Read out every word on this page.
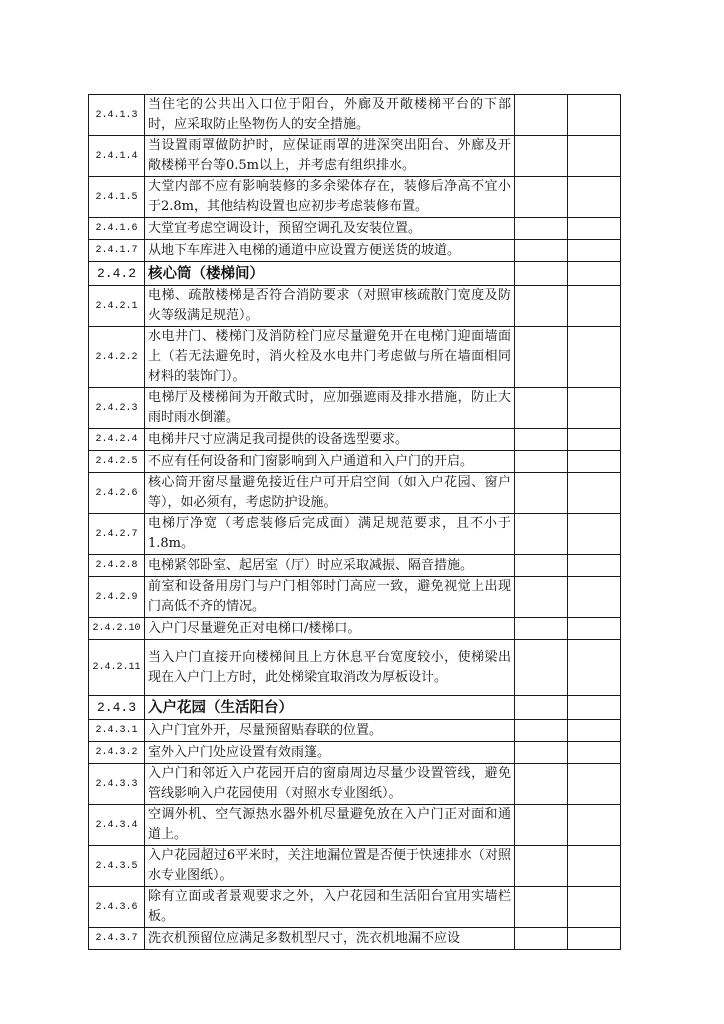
2.4.1.3	当住宅的公共出入口位于阳台，外廊及开敞楼梯平台的下部时，应采取防止坠物伤人的安全措施。		
2.4.1.4	当设置雨罩做防护时，应保证雨罩的进深突出阳台、外廊及开敞楼梯平台等0.5m以上，并考虑有组织排水。		
2.4.1.5	大堂内部不应有影响装修的多余梁体存在，装修后净高不宜小于2.8m，其他结构设置也应初步考虑装修布置。		
2.4.1.6	大堂宜考虑空调设计，预留空调孔及安装位置。		
2.4.1.7	从地下车库进入电梯的通道中应设置方便送货的坡道。		
2.4.2	核心筒（楼梯间）		
2.4.2.1	电梯、疏散楼梯是否符合消防要求（对照审核疏散门宽度及防火等级满足规范）。		
2.4.2.2	水电井门、楼梯门及消防栓门应尽量避免开在电梯门迎面墙面上（若无法避免时，消火栓及水电井门考虑做与所在墙面相同材料的装饰门）。		
2.4.2.3	电梯厅及楼梯间为开敞式时，应加强遮雨及排水措施，防止大雨时雨水倒灌。		
2.4.2.4	电梯井尺寸应满足我司提供的设备选型要求。		
2.4.2.5	不应有任何设备和门窗影响到入户通道和入户门的开启。		
2.4.2.6	核心筒开窗尽量避免接近住户可开启空间（如入户花园、窗户等），如必须有，考虑防护设施。		
2.4.2.7	电梯厅净宽（考虑装修后完成面）满足规范要求，且不小于1.8m。		
2.4.2.8	电梯紧邻卧室、起居室（厅）时应采取减振、隔音措施。		
2.4.2.9	前室和设备用房门与户门相邻时门高应一致，避免视觉上出现门高低不齐的情况。		
2.4.2.10	入户门尽量避免正对电梯口/楼梯口。		
2.4.2.11	当入户门直接开向楼梯间且上方休息平台宽度较小，使梯梁出现在入户门上方时，此处梯梁宜取消改为厚板设计。		
2.4.3	入户花园（生活阳台）		
2.4.3.1	入户门宜外开，尽量预留贴春联的位置。		
2.4.3.2	室外入户门处应设置有效雨篷。		
2.4.3.3	入户门和邻近入户花园开启的窗扇周边尽量少设置管线，避免管线影响入户花园使用（对照水专业图纸）。		
2.4.3.4	空调外机、空气源热水器外机尽量避免放在入户门正对面和通道上。		
2.4.3.5	入户花园超过6平米时，关注地漏位置是否便于快速排水（对照水专业图纸）。		
2.4.3.6	除有立面或者景观要求之外，入户花园和生活阳台宜用实墙栏板。		
2.4.3.7	洗衣机预留位应满足多数机型尺寸，洗衣机地漏不应设		
